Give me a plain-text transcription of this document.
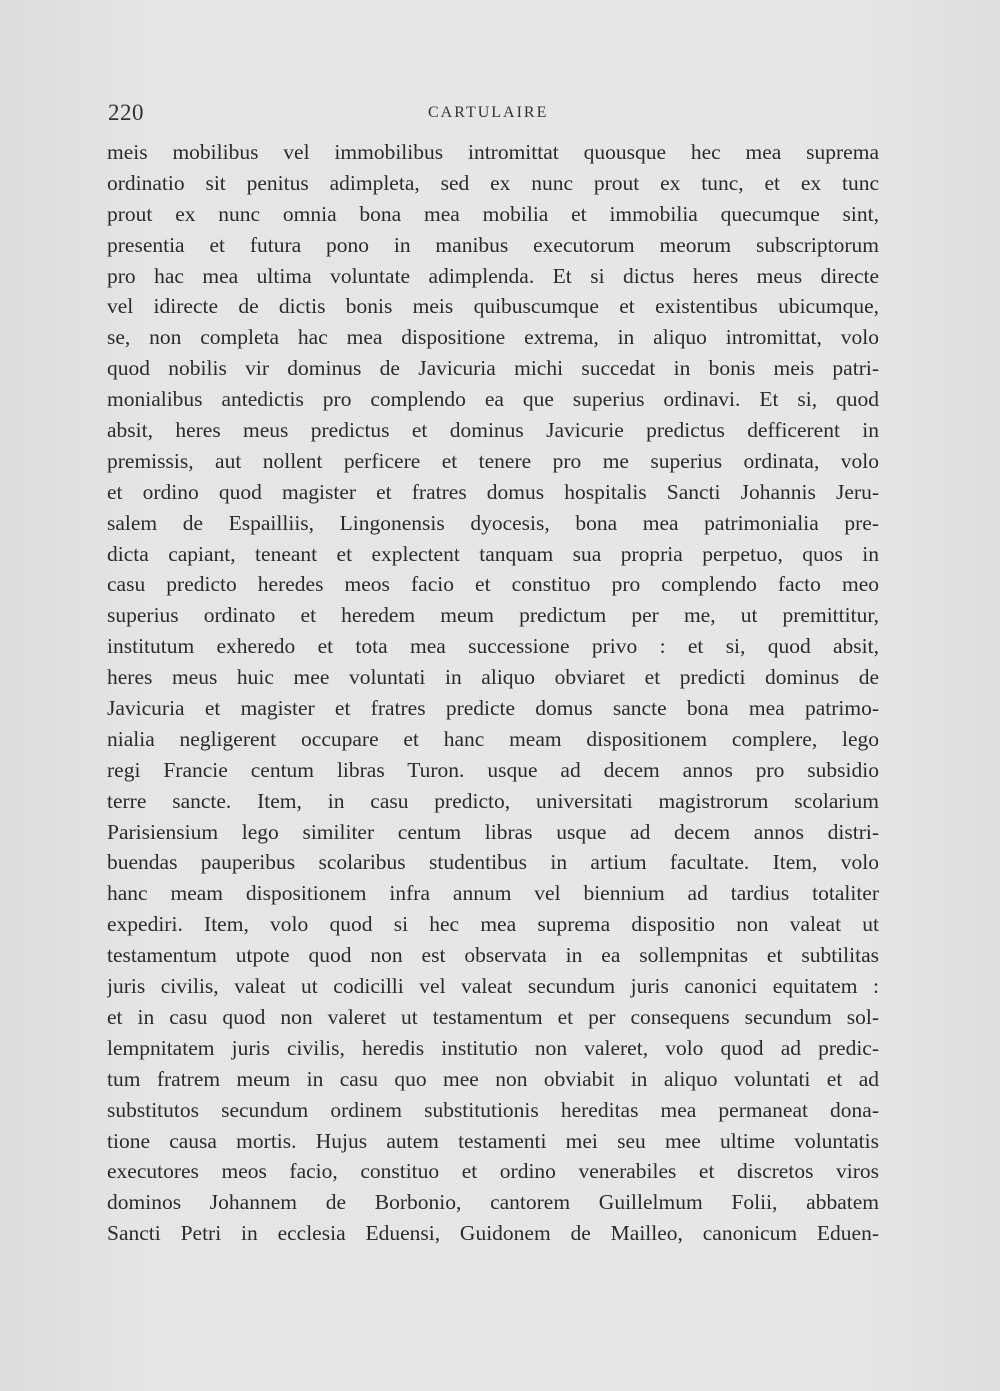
220	CARTULAIRE
meis mobilibus vel immobilibus intromittat quousque hec mea suprema
ordinatio sit penitus adimpleta, sed ex nunc prout ex tunc, et ex tunc
prout ex nunc omnia bona mea mobilia et immobilia quecumque sint,
presentia et futura pono in manibus executorum meorum subscriptorum
pro hac mea ultima voluntate adimplenda. Et si dictus heres meus directe
vel idirecte de dictis bonis meis quibuscumque et existentibus ubicumque,
se, non completa hac mea dispositione extrema, in aliquo intromittat, volo
quod nobilis vir dominus de Javicuria michi succedat in bonis meis patri-
monialibus antedictis pro complendo ea que superius ordinavi. Et si, quod
absit, heres meus predictus et dominus Javicurie predictus defficerent in
premissis, aut nollent perficere et tenere pro me superius ordinata, volo
et ordino quod magister et fratres domus hospitalis Sancti Johannis Jeru-
salem de Espailliis, Lingonensis dyocesis, bona mea patrimonialia pre-
dicta capiant, teneant et explectent tanquam sua propria perpetuo, quos in
casu predicto heredes meos facio et constituo pro complendo facto meo
superius ordinato et heredem meum predictum per me, ut premittitur,
institutum exheredo et tota mea successione privo : et si, quod absit,
heres meus huic mee voluntati in aliquo obviaret et predicti dominus de
Javicuria et magister et fratres predicte domus sancte bona mea patrimo-
nialia negligerent occupare et hanc meam dispositionem complere, lego
regi Francie centum libras Turon. usque ad decem annos pro subsidio
terre sancte. Item, in casu predicto, universitati magistrorum scolarium
Parisiensium lego similiter centum libras usque ad decem annos distri-
buendas pauperibus scolaribus studentibus in artium facultate. Item, volo
hanc meam dispositionem infra annum vel biennium ad tardius totaliter
expediri. Item, volo quod si hec mea suprema dispositio non valeat ut
testamentum utpote quod non est observata in ea sollempnitas et subtilitas
juris civilis, valeat ut codicilli vel valeat secundum juris canonici equitatem :
et in casu quod non valeret ut testamentum et per consequens secundum sol-
lempnitatem juris civilis, heredis institutio non valeret, volo quod ad predic-
tum fratrem meum in casu quo mee non obviabit in aliquo voluntati et ad
substitutos secundum ordinem substitutionis hereditas mea permaneat dona-
tione causa mortis. Hujus autem testamenti mei seu mee ultime voluntatis
executores meos facio, constituo et ordino venerabiles et discretos viros
dominos Johannem de Borbonio, cantorem Guillelmum Folii, abbatem
Sancti Petri in ecclesia Eduensi, Guidonem de Mailleo, canonicum Eduen-
